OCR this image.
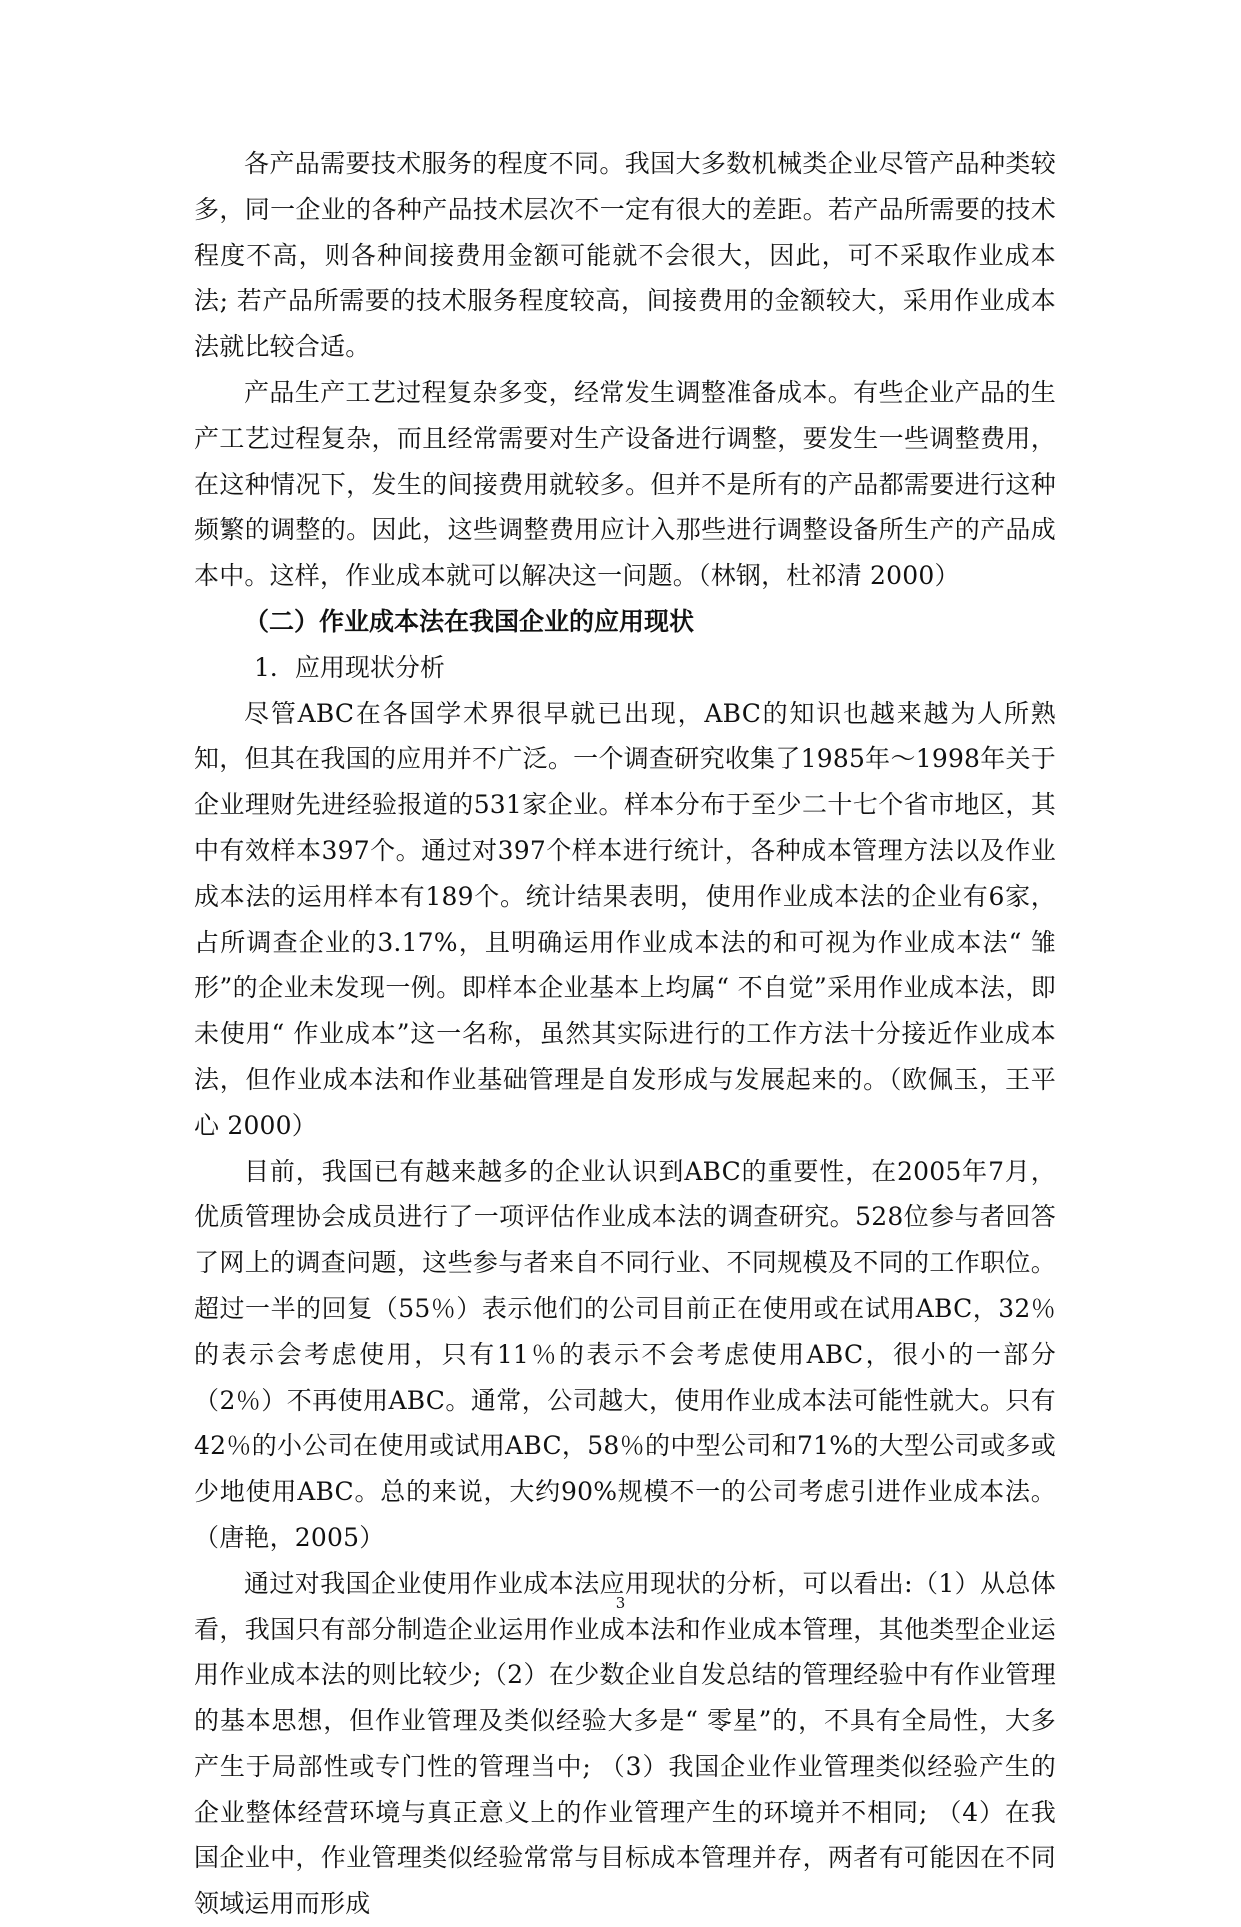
各产品需要技术服务的程度不同。我国大多数机械类企业尽管产品种类较多，同一企业的各种产品技术层次不一定有很大的差距。若产品所需要的技术程度不高，则各种间接费用金额可能就不会很大，因此，可不采取作业成本法; 若产品所需要的技术服务程度较高，间接费用的金额较大，采用作业成本法就比较合适。

产品生产工艺过程复杂多变，经常发生调整准备成本。有些企业产品的生产工艺过程复杂，而且经常需要对生产设备进行调整，要发生一些调整费用，在这种情况下，发生的间接费用就较多。但并不是所有的产品都需要进行这种频繁的调整的。因此，这些调整费用应计入那些进行调整设备所生产的产品成本中。这样，作业成本就可以解决这一问题。（林钢，杜祁清 2000）

（二）作业成本法在我国企业的应用现状

1．应用现状分析

尽管ABC在各国学术界很早就已出现，ABC的知识也越来越为人所熟知，但其在我国的应用并不广泛。一个调查研究收集了1985年～1998年关于企业理财先进经验报道的531家企业。样本分布于至少二十七个省市地区，其中有效样本397个。通过对397个样本进行统计，各种成本管理方法以及作业成本法的运用样本有189个。统计结果表明，使用作业成本法的企业有6家，占所调查企业的3.17%，且明确运用作业成本法的和可视为作业成本法“ 雏形”的企业未发现一例。即样本企业基本上均属“ 不自觉”采用作业成本法，即未使用“ 作业成本”这一名称，虽然其实际进行的工作方法十分接近作业成本法，但作业成本法和作业基础管理是自发形成与发展起来的。（欧佩玉，王平心 2000）

目前，我国已有越来越多的企业认识到ABC的重要性，在2005年7月，优质管理协会成员进行了一项评估作业成本法的调查研究。528位参与者回答了网上的调查问题，这些参与者来自不同行业、不同规模及不同的工作职位。超过一半的回复（55％）表示他们的公司目前正在使用或在试用ABC，32％的表示会考虑使用，只有11％的表示不会考虑使用ABC，很小的一部分（2％）不再使用ABC。通常，公司越大，使用作业成本法可能性就大。只有42％的小公司在使用或试用ABC，58％的中型公司和71%的大型公司或多或少地使用ABC。总的来说，大约90%规模不一的公司考虑引进作业成本法。（唐艳，2005）

通过对我国企业使用作业成本法应用现状的分析，可以看出:（1）从总体看，我国只有部分制造企业运用作业成本法和作业成本管理，其他类型企业运用作业成本法的则比较少;（2）在少数企业自发总结的管理经验中有作业管理的基本思想，但作业管理及类似经验大多是“ 零星”的，不具有全局性，大多产生于局部性或专门性的管理当中; （3）我国企业作业管理类似经验产生的企业整体经营环境与真正意义上的作业管理产生的环境并不相同; （4）在我国企业中，作业管理类似经验常常与目标成本管理并存，两者有可能因在不同领域运用而形成

3
